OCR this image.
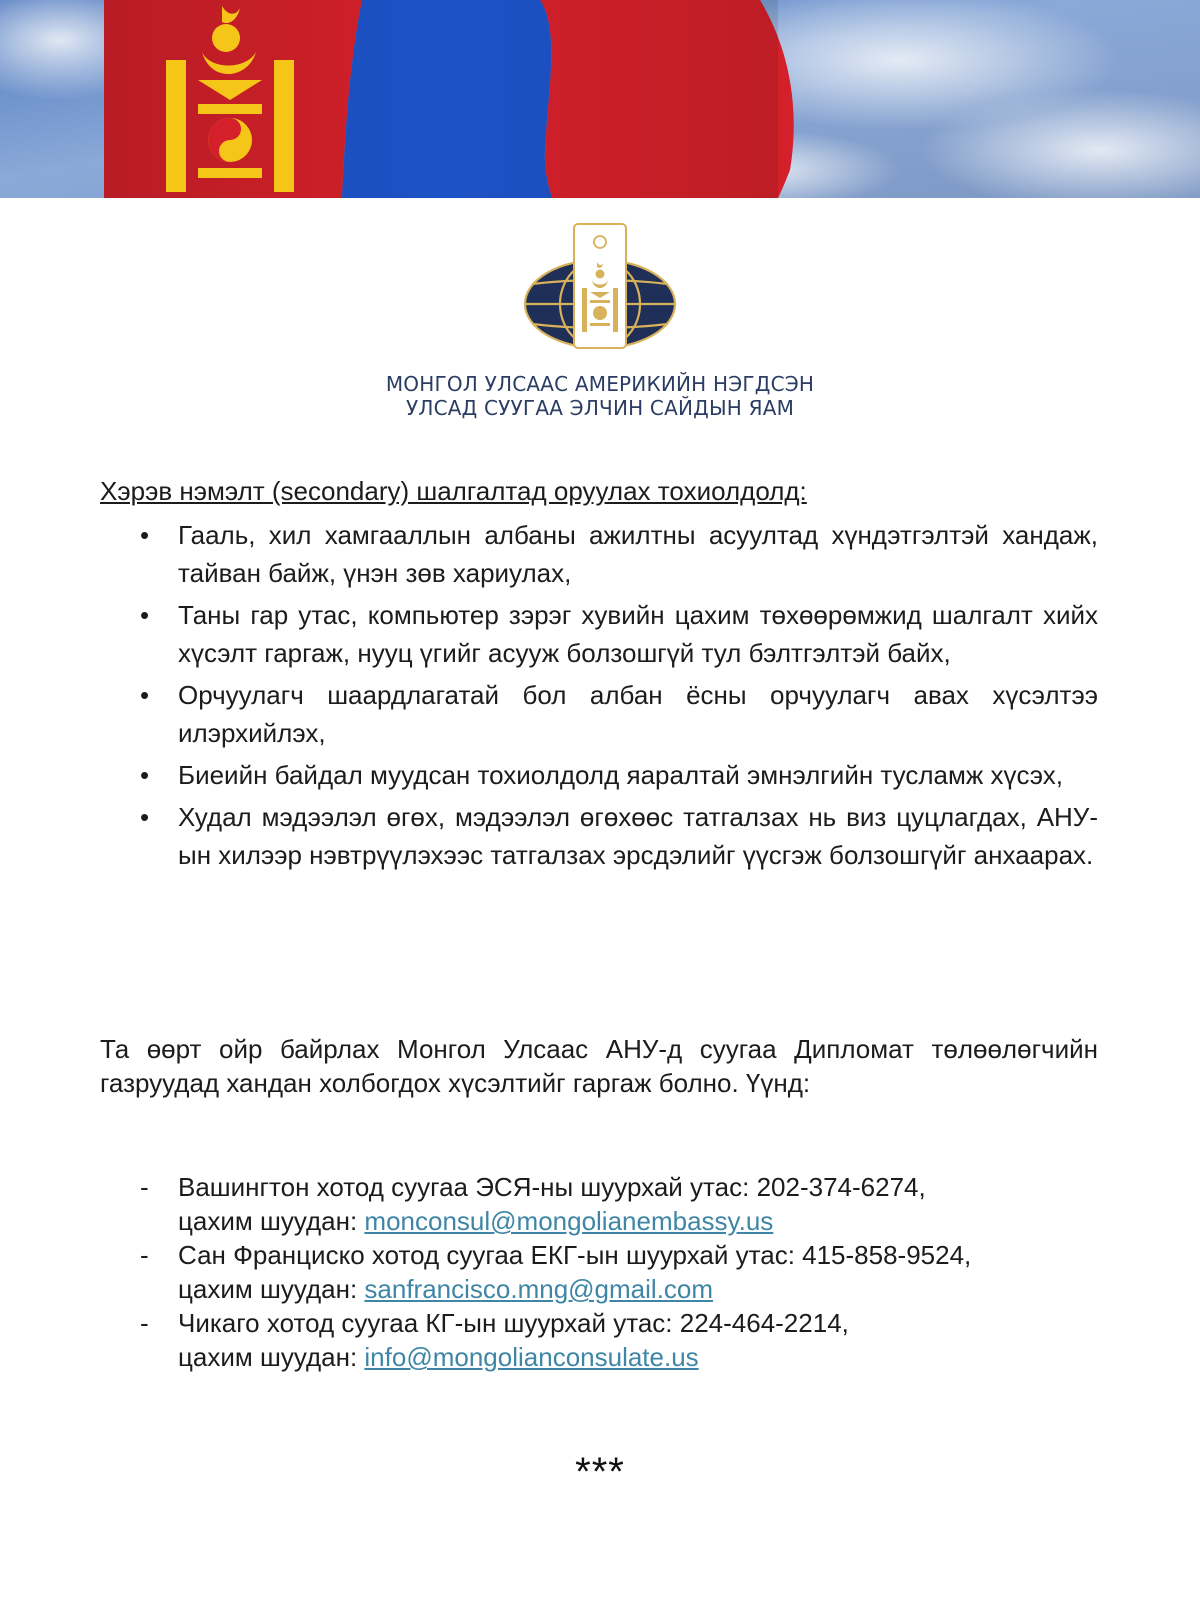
МОНГОЛ УЛСААС АМЕРИКИЙН НЭГДСЭН
УЛСАД СУУГАА ЭЛЧИН САЙДЫН ЯАМ

Хэрэв нэмэлт (secondary) шалгалтад оруулах тохиолдолд:

• Гааль, хил хамгааллын албаны ажилтны асуултад хүндэтгэлтэй хандаж, тайван байж, үнэн зөв хариулах,
• Таны гар утас, компьютер зэрэг хувийн цахим төхөөрөмжид шалгалт хийх хүсэлт гаргаж, нууц үгийг асууж болзошгүй тул бэлтгэлтэй байх,
• Орчуулагч шаардлагатай бол албан ёсны орчуулагч авах хүсэлтээ илэрхийлэх,
• Биеийн байдал муудсан тохиолдолд яаралтай эмнэлгийн тусламж хүсэх,
• Худал мэдээлэл өгөх, мэдээлэл өгөхөөс татгалзах нь виз цуцлагдах, АНУ-ын хилээр нэвтрүүлэхээс татгалзах эрсдэлийг үүсгэж болзошгүйг анхаарах.

Та өөрт ойр байрлах Монгол Улсаас АНУ-д суугаа Дипломат төлөөлөгчийн газруудад хандан холбогдох хүсэлтийг гаргаж болно. Үүнд:

- Вашингтон хотод суугаа ЭСЯ-ны шуурхай утас: 202-374-6274,
цахим шуудан: monconsul@mongolianembassy.us
- Сан Франциско хотод суугаа ЕКГ-ын шуурхай утас: 415-858-9524,
цахим шуудан: sanfrancisco.mng@gmail.com
- Чикаго хотод суугаа КГ-ын шуурхай утас: 224-464-2214,
цахим шуудан: info@mongolianconsulate.us
***
